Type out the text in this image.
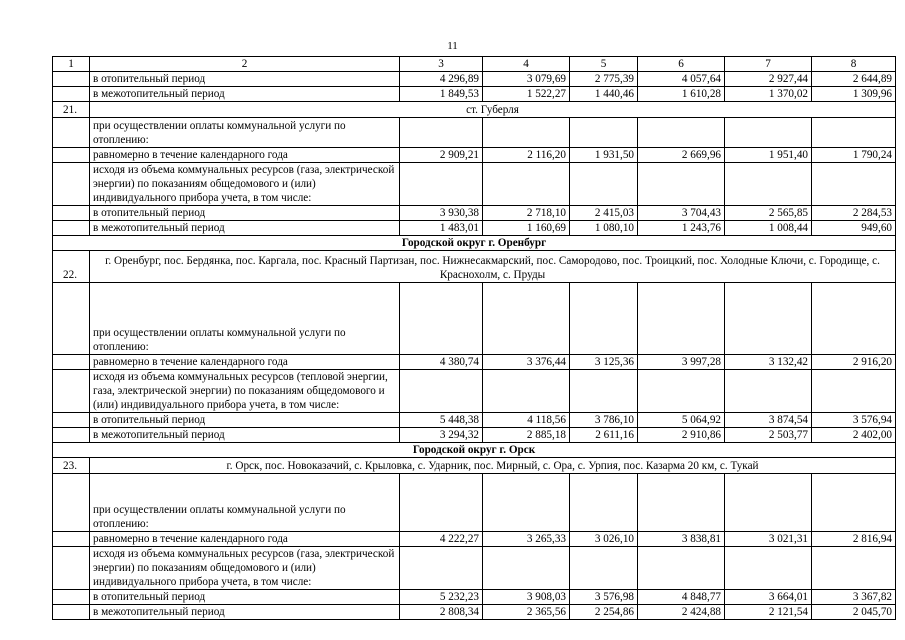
11
1	2	3	4	5	6	7	8
	в отопительный период	4 296,89	3 079,69	2 775,39	4 057,64	2 927,44	2 644,89
	в межотопительный период	1 849,53	1 522,27	1 440,46	1 610,28	1 370,02	1 309,96
21.	ст. Губерля						
	при осуществлении оплаты коммунальной услуги по отоплению:						
	равномерно в течение календарного года	2 909,21	2 116,20	1 931,50	2 669,96	1 951,40	1 790,24
	исходя из объема коммунальных ресурсов (газа, электрической энергии) по показаниям общедомового и (или) индивидуального прибора учета, в том числе:						
	в отопительный период	3 930,38	2 718,10	2 415,03	3 704,43	2 565,85	2 284,53
	в межотопительный период	1 483,01	1 160,69	1 080,10	1 243,76	1 008,44	949,60
Городской округ г. Оренбург							
22.	г. Оренбург, пос. Бердянка, пос. Каргала, пос. Красный Партизан, пос. Нижнесакмарский, пос. Самородово, пос. Троицкий, пос. Холодные Ключи, с. Городище, с. Краснохолм, с. Пруды						
	при осуществлении оплаты коммунальной услуги по отоплению:						
	равномерно в течение календарного года	4 380,74	3 376,44	3 125,36	3 997,28	3 132,42	2 916,20
	исходя из объема коммунальных ресурсов (тепловой энергии, газа, электрической энергии) по показаниям общедомового и (или) индивидуального прибора учета, в том числе:						
	в отопительный период	5 448,38	4 118,56	3 786,10	5 064,92	3 874,54	3 576,94
	в межотопительный период	3 294,32	2 885,18	2 611,16	2 910,86	2 503,77	2 402,00
Городской округ г. Орск							
23.	г. Орск, пос. Новоказачий, с. Крыловка, с. Ударник, пос. Мирный, с. Ора, с. Урпия, пос. Казарма 20 км, с. Тукай						
	при осуществлении оплаты коммунальной услуги по отоплению:						
	равномерно в течение календарного года	4 222,27	3 265,33	3 026,10	3 838,81	3 021,31	2 816,94
	исходя из объема коммунальных ресурсов (газа, электрической энергии) по показаниям общедомового и (или) индивидуального прибора учета, в том числе:						
	в отопительный период	5 232,23	3 908,03	3 576,98	4 848,77	3 664,01	3 367,82
	в межотопительный период	2 808,34	2 365,56	2 254,86	2 424,88	2 121,54	2 045,70
